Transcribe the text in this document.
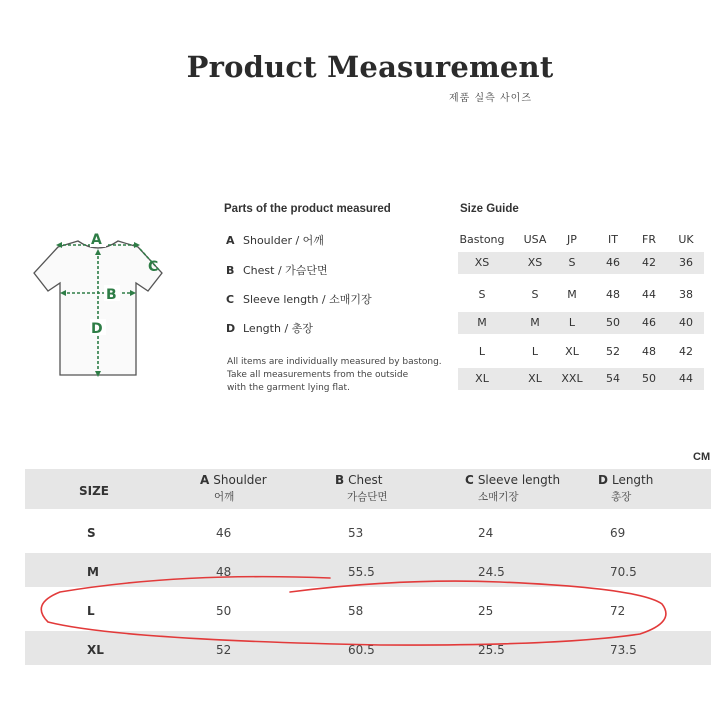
Product Measurement
제품 실측 사이즈
A
B
C
D
Parts of the product measured
A Shoulder / 어깨
B Chest / 가슴단면
C Sleeve length / 소매기장
D Length / 총장
All items are individually measured by bastong.
Take all measurements from the outside
with the garment lying flat.
Size Guide
Bastong USA JP	IT FR UK
XS	XS S	46 42 36
S	S	M	48 44 38
M	M	L	50 46 40
L	L XL 52 48 42
XL	XL XXL 54 50 44
CM
SIZE
A Shoulder
어깨
B Chest
가슴단면
C Sleeve length
소매기장
D Length
총장
S	46	53	24	69
M	48	55.5	24.5	70.5
L	50	58	25	72
XL	52	60.5	25.5	73.5
